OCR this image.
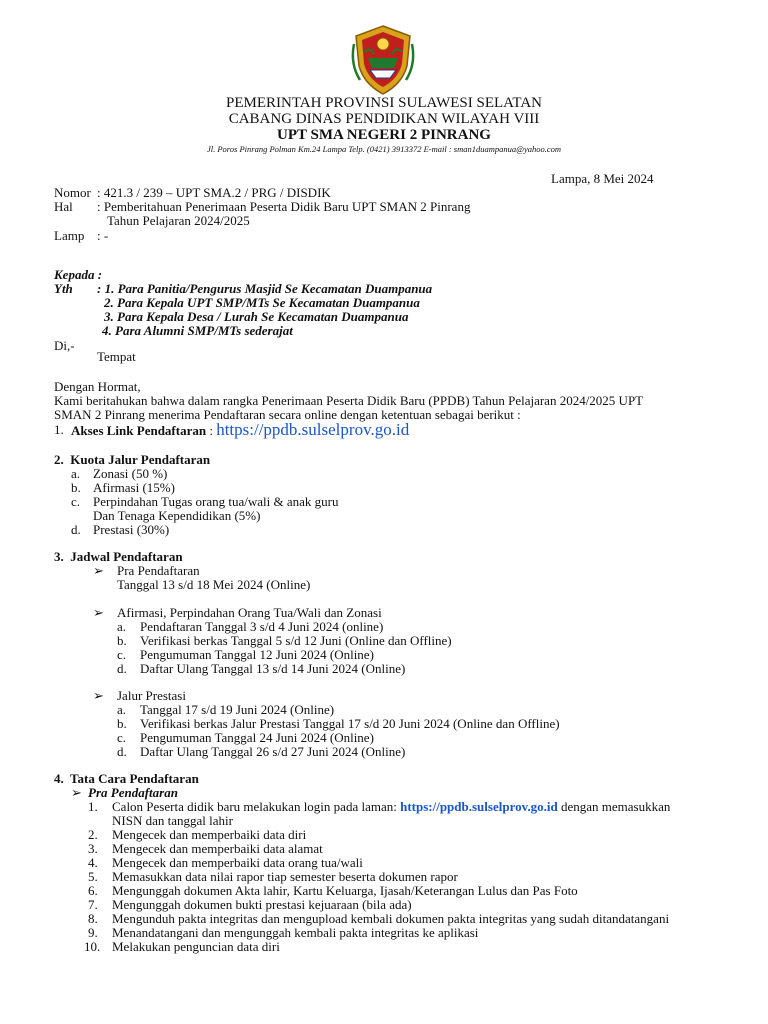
PEMERINTAH PROVINSI SULAWESI SELATAN
CABANG DINAS PENDIDIKAN WILAYAH VIII
UPT SMA NEGERI 2 PINRANG
Jl. Poros Pinrang Polman Km.24 Lampa Telp. (0421) 3913372 E-mail : sman1duampanua@yahoo.com
Lampa, 8 Mei 2024
Nomor : 421.3 / 239 – UPT SMA.2 / PRG / DISDIK
Hal : Pemberitahuan Penerimaan Peserta Didik Baru UPT SMAN 2 Pinrang
Tahun Pelajaran 2024/2025
Lamp : -
Kepada :
Yth : 1. Para Panitia/Pengurus Masjid Se Kecamatan Duampanua
2. Para Kepala UPT SMP/MTs Se Kecamatan Duampanua
3. Para Kepala Desa / Lurah Se Kecamatan Duampanua
4. Para Alumni SMP/MTs sederajat
Di,-
Tempat
Dengan Hormat,
Kami beritahukan bahwa dalam rangka Penerimaan Peserta Didik Baru (PPDB) Tahun Pelajaran 2024/2025 UPT
SMAN 2 Pinrang menerima Pendaftaran secara online dengan ketentuan sebagai berikut :
1. Akses Link Pendaftaran : https://ppdb.sulselprov.go.id
2. Kuota Jalur Pendaftaran
a. Zonasi (50 %)
b. Afirmasi (15%)
c. Perpindahan Tugas orang tua/wali & anak guru
Dan Tenaga Kependidikan (5%)
d. Prestasi (30%)
3. Jadwal Pendaftaran
➢ Pra Pendaftaran
Tanggal 13 s/d 18 Mei 2024 (Online)
➢ Afirmasi, Perpindahan Orang Tua/Wali dan Zonasi
a. Pendaftaran Tanggal 3 s/d 4 Juni 2024 (online)
b. Verifikasi berkas Tanggal 5 s/d 12 Juni (Online dan Offline)
c. Pengumuman Tanggal 12 Juni 2024 (Online)
d. Daftar Ulang Tanggal 13 s/d 14 Juni 2024 (Online)
➢ Jalur Prestasi
a. Tanggal 17 s/d 19 Juni 2024 (Online)
b. Verifikasi berkas Jalur Prestasi Tanggal 17 s/d 20 Juni 2024 (Online dan Offline)
c. Pengumuman Tanggal 24 Juni 2024 (Online)
d. Daftar Ulang Tanggal 26 s/d 27 Juni 2024 (Online)
4. Tata Cara Pendaftaran
➢ Pra Pendaftaran
1. Calon Peserta didik baru melakukan login pada laman: https://ppdb.sulselprov.go.id dengan memasukkan
NISN dan tanggal lahir
2. Mengecek dan memperbaiki data diri
3. Mengecek dan memperbaiki data alamat
4. Mengecek dan memperbaiki data orang tua/wali
5. Memasukkan data nilai rapor tiap semester beserta dokumen rapor
6. Mengunggah dokumen Akta lahir, Kartu Keluarga, Ijasah/Keterangan Lulus dan Pas Foto
7. Mengunggah dokumen bukti prestasi kejuaraan (bila ada)
8. Mengunduh pakta integritas dan mengupload kembali dokumen pakta integritas yang sudah ditandatangani
9. Menandatangani dan mengunggah kembali pakta integritas ke aplikasi
10. Melakukan penguncian data diri
